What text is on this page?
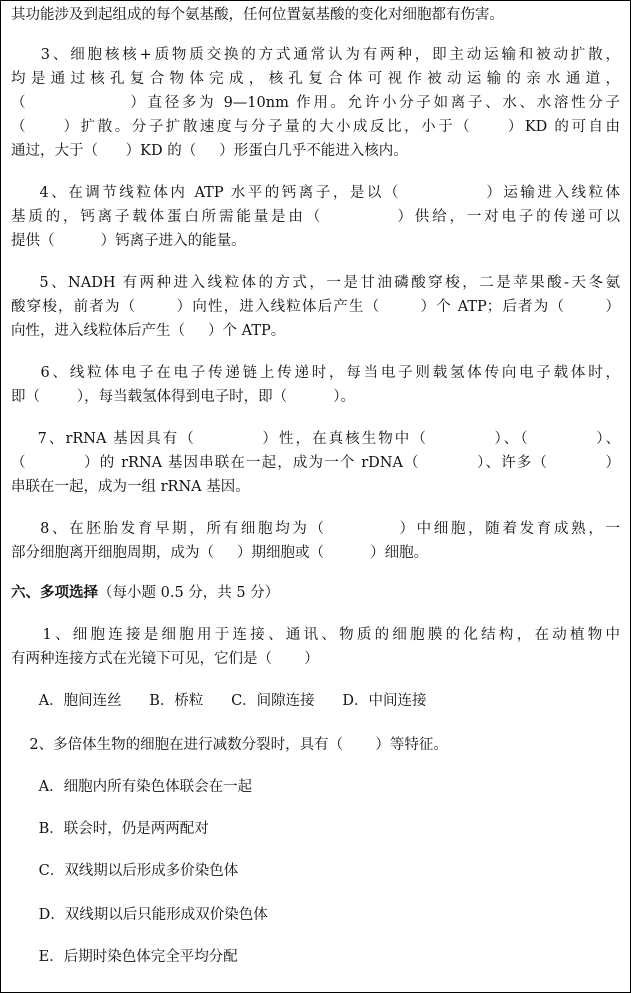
其功能涉及到起组成的每个氨基酸，任何位置氨基酸的变化对细胞都有伤害。
3、细胞核核+质物质交换的方式通常认为有两种，即主动运输和被动扩散，
均是通过核孔复合物体完成，核孔复合体可视作被动运输的亲水通道，
（              ）直径多为 9—10nm 作用。允许小分子如离子、水、水溶性分子
（     ）扩散。分子扩散速度与分子量的大小成反比，小于（     ）KD 的可自由
通过，大于（      ）KD 的（     ）形蛋白几乎不能进入核内。
4、在调节线粒体内 ATP 水平的钙离子，是以（            ）运输进入线粒体
基质的，钙离子载体蛋白所需能量是由（          ）供给，一对电子的传递可以
提供（          ）钙离子进入的能量。
5、NADH 有两种进入线粒体的方式，一是甘油磷酸穿梭，二是苹果酸-天冬氨
酸穿梭，前者为（       ）向性，进入线粒体后产生（       ）个 ATP；后者为（       ）
向性，进入线粒体后产生（     ）个 ATP。
6、线粒体电子在电子传递链上传递时，每当电子则载氢体传向电子载体时，
即（        ），每当载氢体得到电子时，即（          ）。
7、rRNA 基因具有（          ）性，在真核生物中（          ）、（          ）、
（          ）的 rRNA 基因串联在一起，成为一个 rDNA（          ）、许多（          ）
串联在一起，成为一组 rRNA 基因。
8、在胚胎发育早期，所有细胞均为（          ）中细胞，随着发育成熟，一
部分细胞离开细胞周期，成为（     ）期细胞或（          ）细胞。
六、多项选择（每小题 0.5 分，共 5 分）
1、细胞连接是细胞用于连接、通讯、物质的细胞膜的化结构，在动植物中
有两种连接方式在光镜下可见，它们是（       ）
A．胞间连丝      B．桥粒      C．间隙连接      D．中间连接
2、多倍体生物的细胞在进行减数分裂时，具有（       ）等特征。
A．细胞内所有染色体联会在一起
B．联会时，仍是两两配对
C．双线期以后形成多价染色体
D．双线期以后只能形成双价染色体
E．后期时染色体完全平均分配
